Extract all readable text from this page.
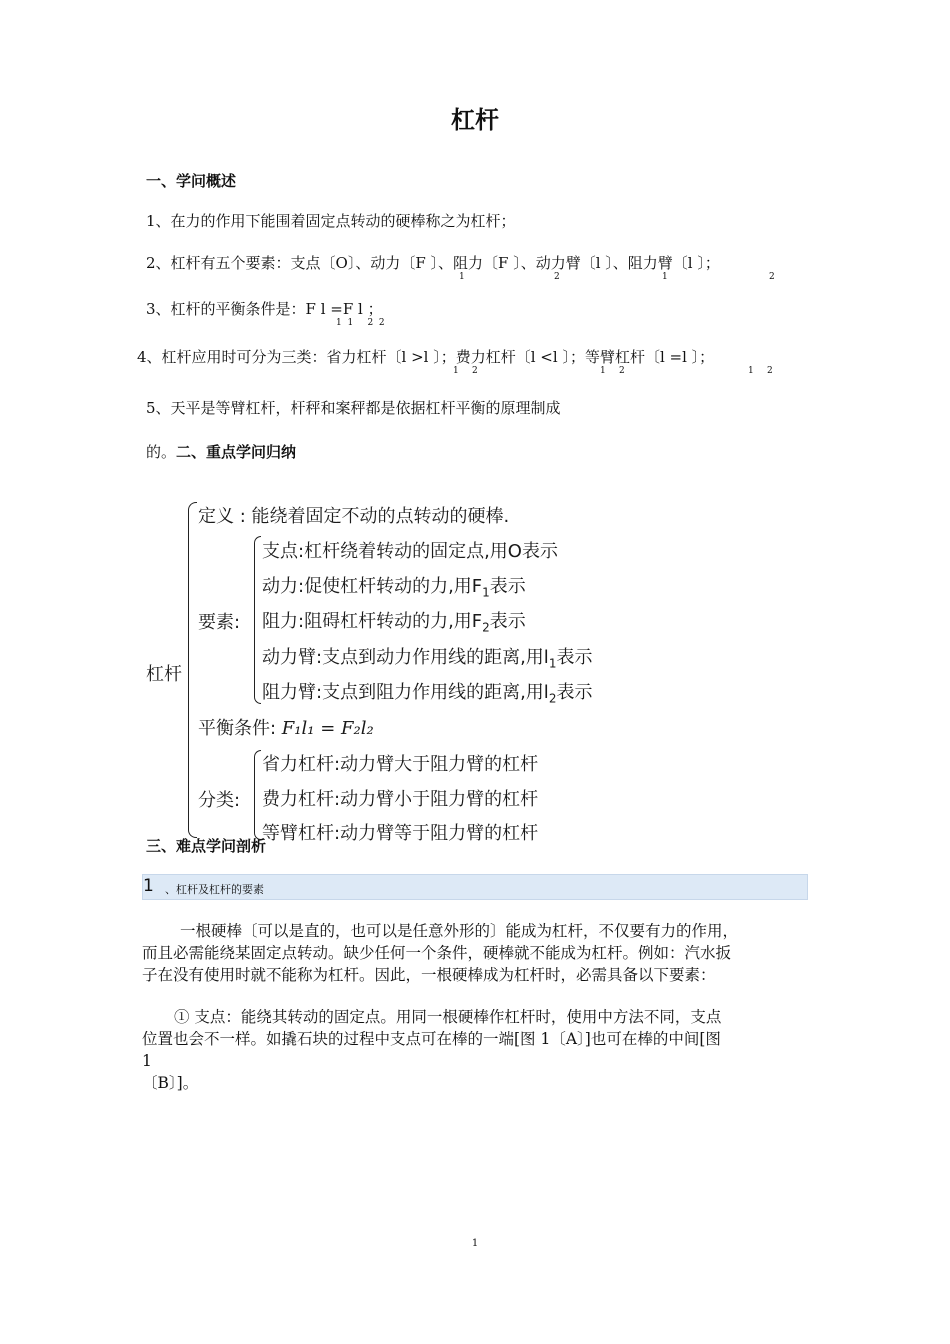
杠杆
一、学问概述
1、在力的作用下能围着固定点转动的硬棒称之为杠杆；
2、杠杆有五个要素：支点〔O〕、动力〔F 〕、阻力〔F 〕、动力臂〔l 〕、阻力臂〔l 〕；
1	2	1	2
3、杠杆的平衡条件是：F l =F l ；
1  1     2  2
4、杠杆应用时可分为三类：省力杠杆〔l >l 〕；费力杠杆〔l <l 〕；等臂杠杆〔l =l 〕；
1 2	1 2	1 2
5、天平是等臂杠杆，杆秤和案秤都是依据杠杆平衡的原理制成
的。二、重点学问归纳
杠杆
定义 : 能绕着固定不动的点转动的硬棒.
要素:
支点:杠杆绕着转动的固定点,用O表示
动力:促使杠杆转动的力,用$F_1$表示
阻力:阻碍杠杆转动的力,用$F_2$表示
动力臂:支点到动力作用线的距离,用$l_1$表示
阻力臂:支点到阻力作用线的距离,用$l_2$表示
平衡条件: F₁l₁ = F₂l₂
分类:
省力杠杆:动力臂大于阻力臂的杠杆
费力杠杆:动力臂小于阻力臂的杠杆
等臂杠杆:动力臂等于阻力臂的杠杆
三、难点学问剖析
1 、杠杆及杠杆的要素
一根硬棒〔可以是直的，也可以是任意外形的〕能成为杠杆，不仅要有力的作用，
而且必需能绕某固定点转动。缺少任何一个条件，硬棒就不能成为杠杆。例如：汽水扳
子在没有使用时就不能称为杠杆。因此，一根硬棒成为杠杆时，必需具备以下要素：
① 支点：能绕其转动的固定点。用同一根硬棒作杠杆时，使用中方法不同，支点
位置也会不一样。如撬石块的过程中支点可在棒的一端[图 1〔A〕]也可在棒的中间[图
1
〔B〕]。
1
